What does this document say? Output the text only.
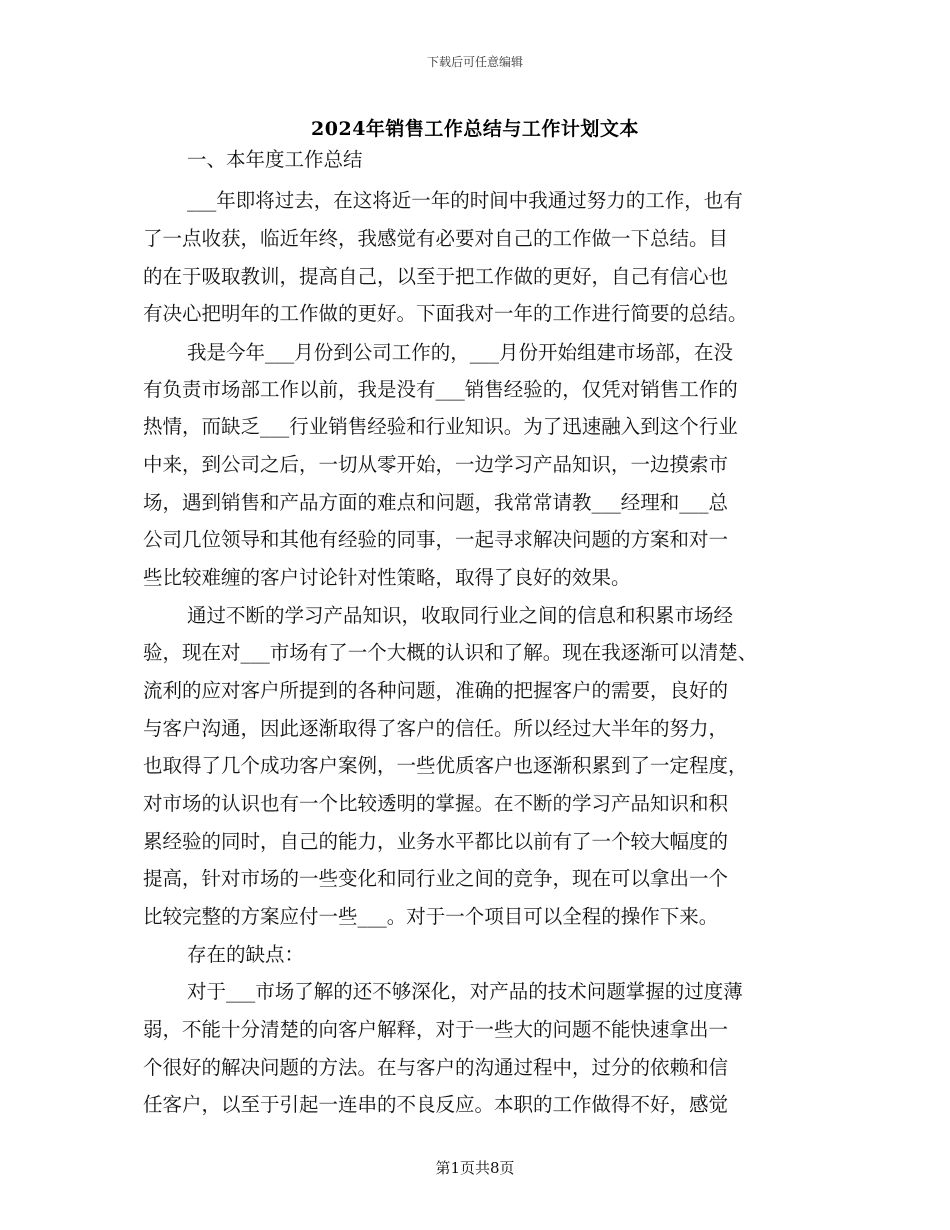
下载后可任意编辑
2024年销售工作总结与工作计划文本
一、本年度工作总结
___年即将过去，在这将近一年的时间中我通过努力的工作，也有
了一点收获，临近年终，我感觉有必要对自己的工作做一下总结。目
的在于吸取教训，提高自己，以至于把工作做的更好，自己有信心也
有决心把明年的工作做的更好。下面我对一年的工作进行简要的总结。
我是今年___月份到公司工作的，___月份开始组建市场部，在没
有负责市场部工作以前，我是没有___销售经验的，仅凭对销售工作的
热情，而缺乏___行业销售经验和行业知识。为了迅速融入到这个行业
中来，到公司之后，一切从零开始，一边学习产品知识，一边摸索市
场，遇到销售和产品方面的难点和问题，我常常请教___经理和___总
公司几位领导和其他有经验的同事，一起寻求解决问题的方案和对一
些比较难缠的客户讨论针对性策略，取得了良好的效果。
通过不断的学习产品知识，收取同行业之间的信息和积累市场经
验，现在对___市场有了一个大概的认识和了解。现在我逐渐可以清楚、
流利的应对客户所提到的各种问题，准确的把握客户的需要，良好的
与客户沟通，因此逐渐取得了客户的信任。所以经过大半年的努力，
也取得了几个成功客户案例，一些优质客户也逐渐积累到了一定程度，
对市场的认识也有一个比较透明的掌握。在不断的学习产品知识和积
累经验的同时，自己的能力，业务水平都比以前有了一个较大幅度的
提高，针对市场的一些变化和同行业之间的竞争，现在可以拿出一个
比较完整的方案应付一些___。对于一个项目可以全程的操作下来。
存在的缺点：
对于___市场了解的还不够深化，对产品的技术问题掌握的过度薄
弱，不能十分清楚的向客户解释，对于一些大的问题不能快速拿出一
个很好的解决问题的方法。在与客户的沟通过程中，过分的依赖和信
任客户，以至于引起一连串的不良反应。本职的工作做得不好，感觉
第1页共8页
